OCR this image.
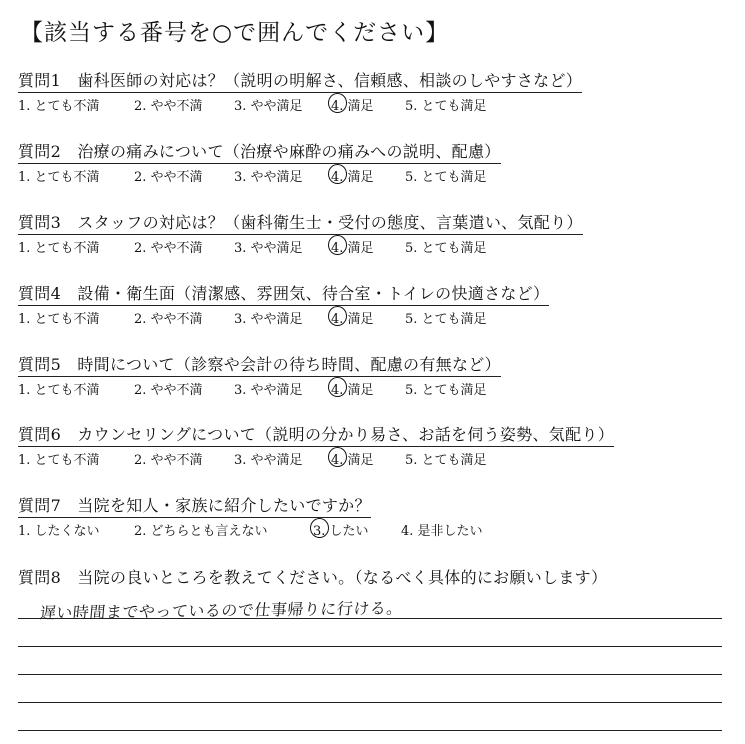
【該当する番号を○で囲んでください】
質問1　歯科医師の対応は？（説明の明解さ、信頼感、相談のしやすさなど）
1. とても不満	2. やや不満 3. やや満足 4. 満足 5. とても満足
質問2　治療の痛みについて（治療や麻酔の痛みへの説明、配慮）
1. とても不満	2. やや不満 3. やや満足 4. 満足 5. とても満足
質問3　スタッフの対応は？（歯科衛生士・受付の態度、言葉遣い、気配り）
1. とても不満	2. やや不満 3. やや満足 4. 満足 5. とても満足
質問4　設備・衛生面（清潔感、雰囲気、待合室・トイレの快適さなど）
1. とても不満	2. やや不満 3. やや満足 4. 満足 5. とても満足
質問5　時間について（診察や会計の待ち時間、配慮の有無など）
1. とても不満	2. やや不満 3. やや満足 4. 満足 5. とても満足
質問6　カウンセリングについて（説明の分かり易さ、お話を伺う姿勢、気配り）
1. とても不満	2. やや不満 3. やや満足 4. 満足 5. とても満足
質問7　当院を知人・家族に紹介したいですか？
1. したくない	2. どちらとも言えない	3. したい 4. 是非したい
質問8　当院の良いところを教えてください。（なるべく具体的にお願いします）
遅い時間までやっているので仕事帰りに行ける。
